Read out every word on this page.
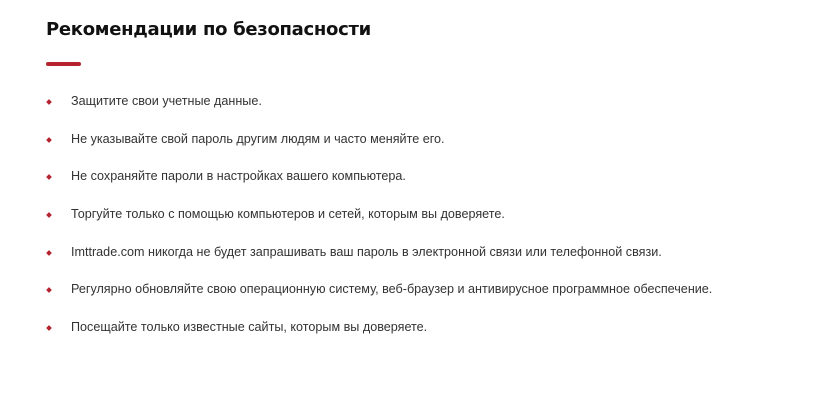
Рекомендации по безопасности
Защитите свои учетные данные.
Не указывайте свой пароль другим людям и часто меняйте его.
Не сохраняйте пароли в настройках вашего компьютера.
Торгуйте только с помощью компьютеров и сетей, которым вы доверяете.
Imttrade.com никогда не будет запрашивать ваш пароль в электронной связи или телефонной связи.
Регулярно обновляйте свою операционную систему, веб-браузер и антивирусное программное обеспечение.
Посещайте только известные сайты, которым вы доверяете.
